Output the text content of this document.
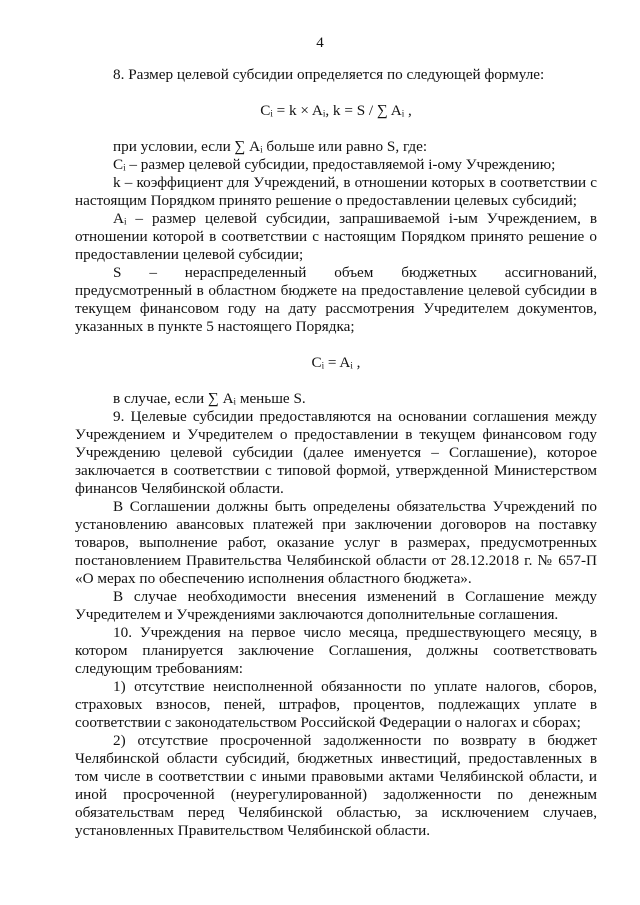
4

8. Размер целевой субсидии определяется по следующей формуле:

Cᵢ = k × Aᵢ, k = S / ∑ Aᵢ ,

при условии, если ∑ Aᵢ больше или равно S, где:

Cᵢ – размер целевой субсидии, предоставляемой i-ому Учреждению;

k – коэффициент для Учреждений, в отношении которых в соответствии с настоящим Порядком принято решение о предоставлении целевых субсидий;

Aᵢ – размер целевой субсидии, запрашиваемой i-ым Учреждением, в отношении которой в соответствии с настоящим Порядком принято решение о предоставлении целевой субсидии;

S – нераспределенный объем бюджетных ассигнований, предусмотренный в областном бюджете на предоставление целевой субсидии в текущем финансовом году на дату рассмотрения Учредителем документов, указанных в пункте 5 настоящего Порядка;

Cᵢ = Aᵢ ,

в случае, если ∑ Aᵢ меньше S.

9. Целевые субсидии предоставляются на основании соглашения между Учреждением и Учредителем о предоставлении в текущем финансовом году Учреждению целевой субсидии (далее именуется – Соглашение), которое заключается в соответствии с типовой формой, утвержденной Министерством финансов Челябинской области.

В Соглашении должны быть определены обязательства Учреждений по установлению авансовых платежей при заключении договоров на поставку товаров, выполнение работ, оказание услуг в размерах, предусмотренных постановлением Правительства Челябинской области от 28.12.2018 г. № 657-П «О мерах по обеспечению исполнения областного бюджета».

В случае необходимости внесения изменений в Соглашение между Учредителем и Учреждениями заключаются дополнительные соглашения.

10. Учреждения на первое число месяца, предшествующего месяцу, в котором планируется заключение Соглашения, должны соответствовать следующим требованиям:

1) отсутствие неисполненной обязанности по уплате налогов, сборов, страховых взносов, пеней, штрафов, процентов, подлежащих уплате в соответствии с законодательством Российской Федерации о налогах и сборах;

2) отсутствие просроченной задолженности по возврату в бюджет Челябинской области субсидий, бюджетных инвестиций, предоставленных в том числе в соответствии с иными правовыми актами Челябинской области, и иной просроченной (неурегулированной) задолженности по денежным обязательствам перед Челябинской областью, за исключением случаев, установленных Правительством Челябинской области.
